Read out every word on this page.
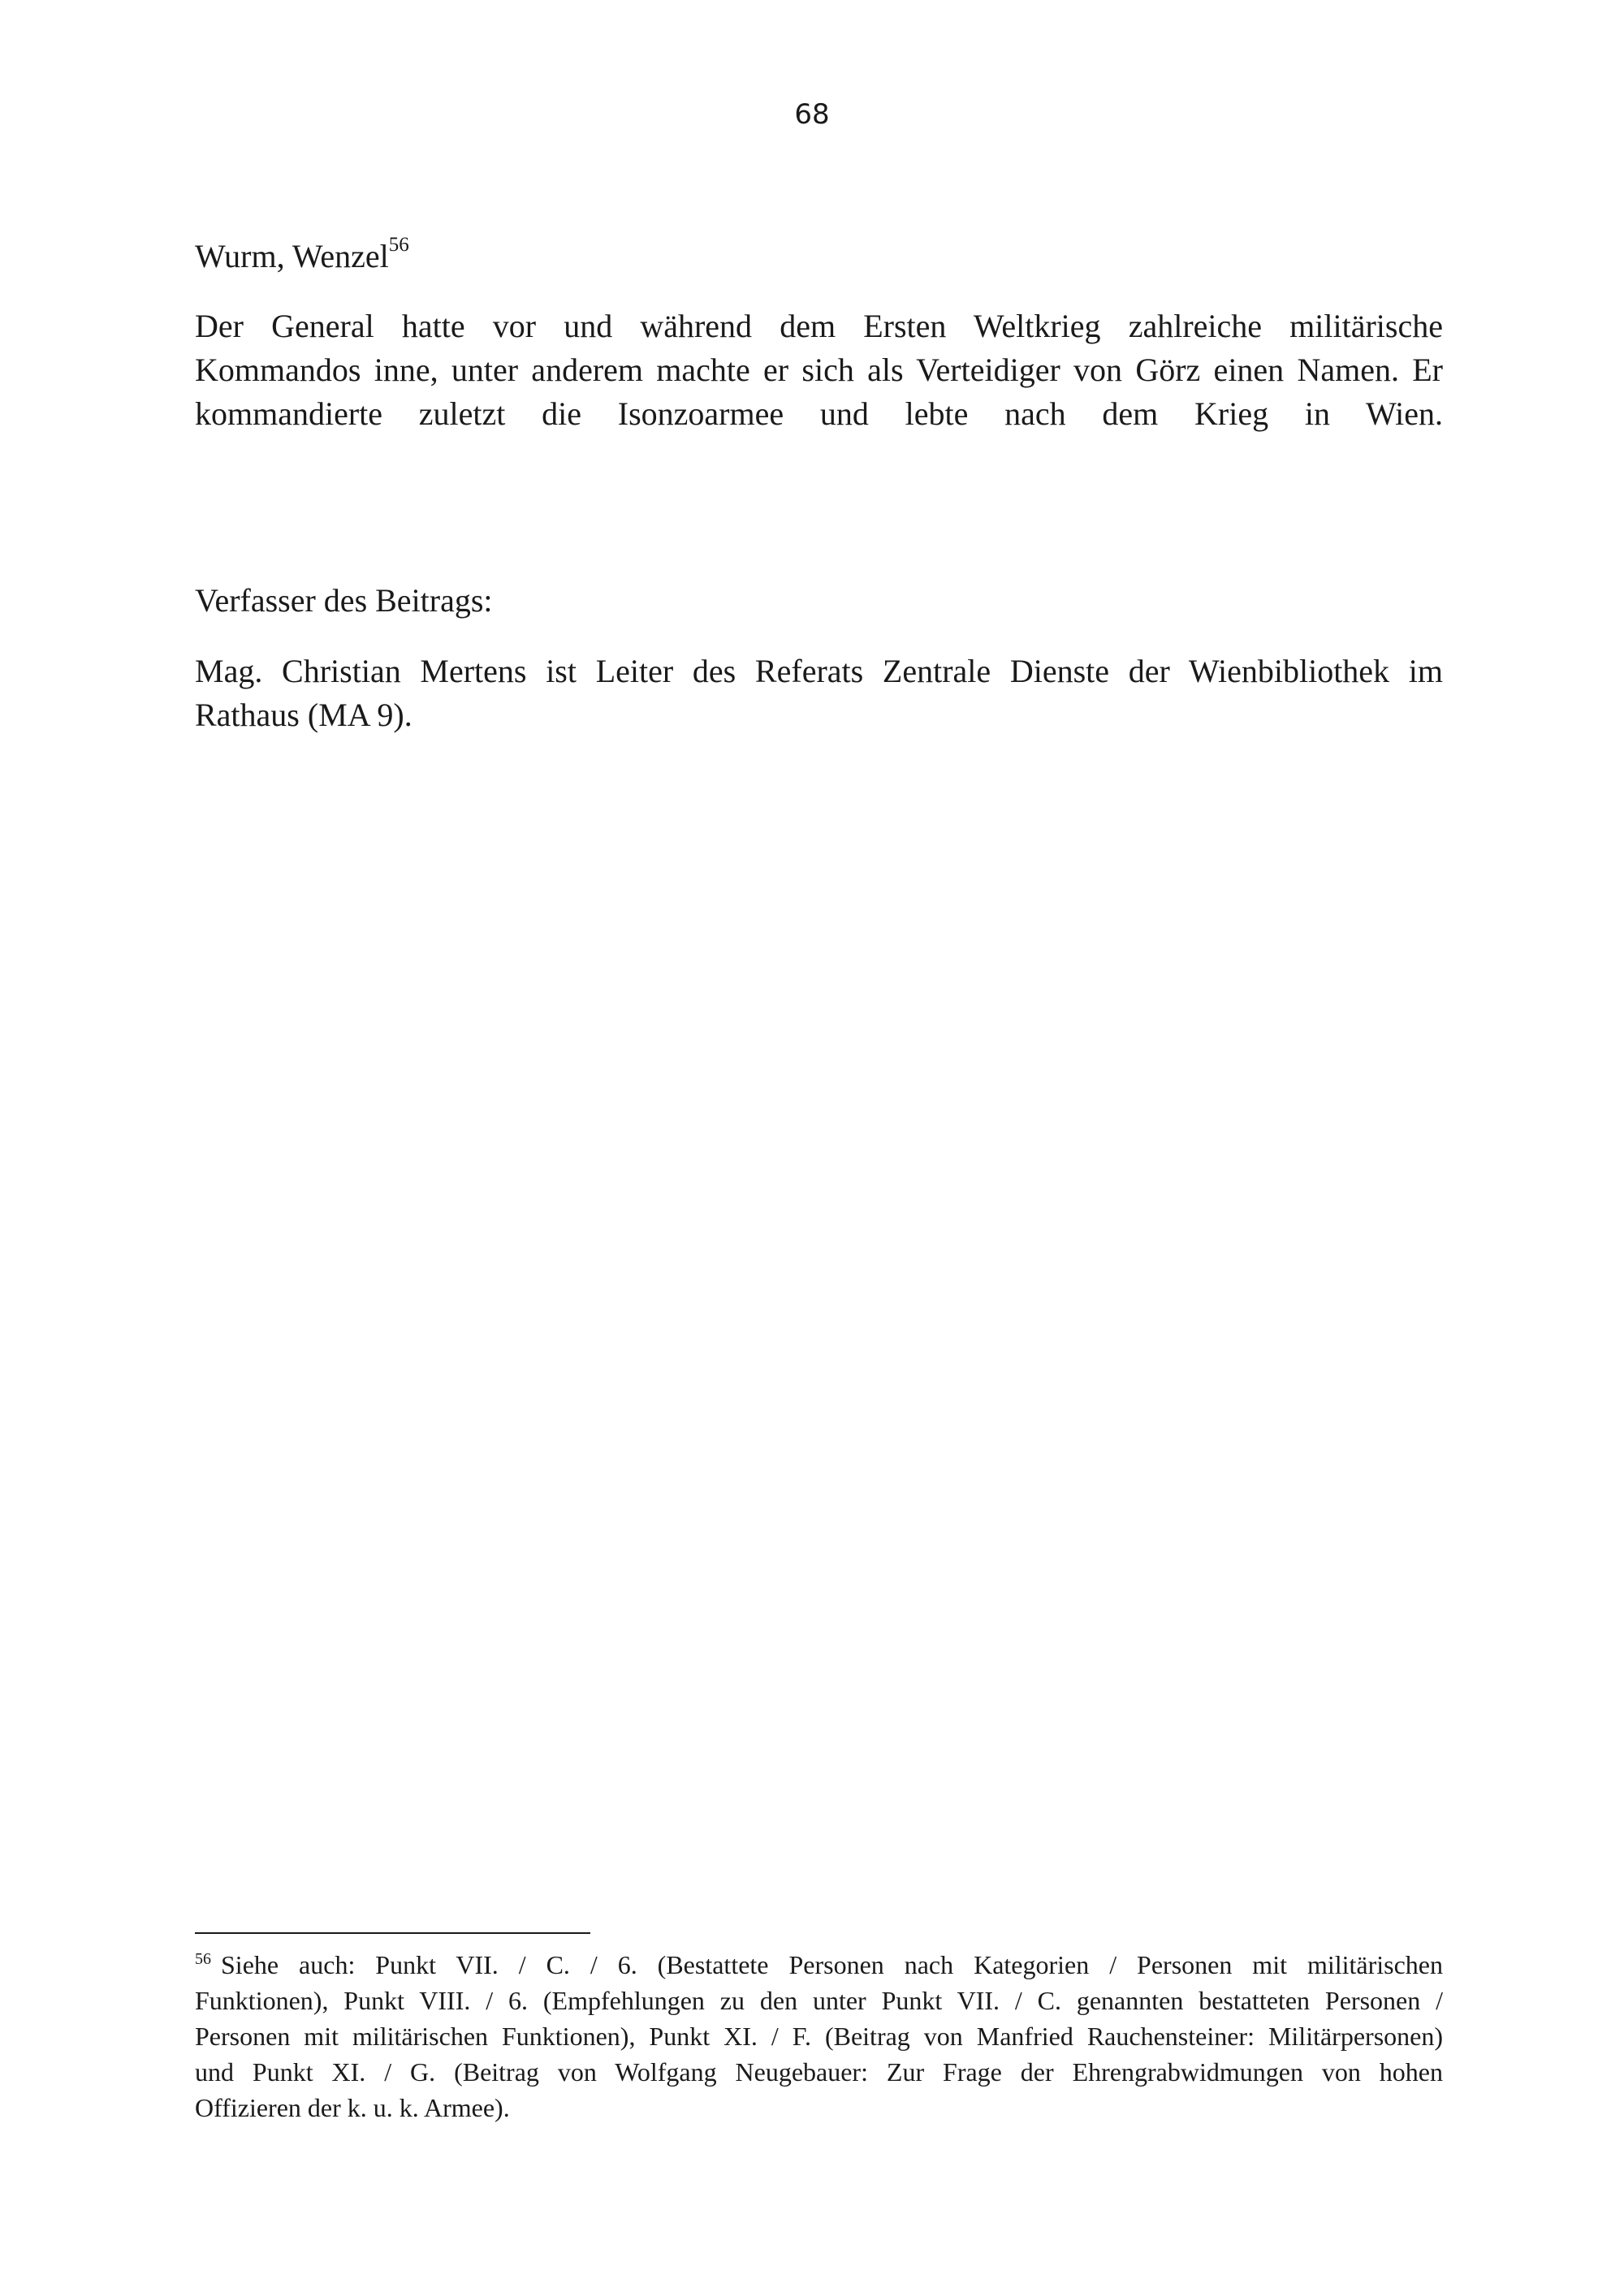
68
Wurm, Wenzel$^{56}$

Der General hatte vor und während dem Ersten Weltkrieg zahlreiche militärische
Kommandos inne, unter anderem machte er sich als Verteidiger von Görz einen Namen. Er
kommandierte zuletzt die Isonzoarmee und lebte nach dem Krieg in Wien.

Verfasser des Beitrags:

Mag. Christian Mertens ist Leiter des Referats Zentrale Dienste der Wienbibliothek im
Rathaus (MA 9).

$^{56}$ Siehe auch: Punkt VII. / C. / 6. (Bestattete Personen nach Kategorien / Personen mit militärischen
Funktionen), Punkt VIII. / 6. (Empfehlungen zu den unter Punkt VII. / C. genannten bestatteten Personen /
Personen mit militärischen Funktionen), Punkt XI. / F. (Beitrag von Manfried Rauchensteiner: Militärpersonen)
und Punkt XI. / G. (Beitrag von Wolfgang Neugebauer: Zur Frage der Ehrengrabwidmungen von hohen
Offizieren der k. u. k. Armee).
